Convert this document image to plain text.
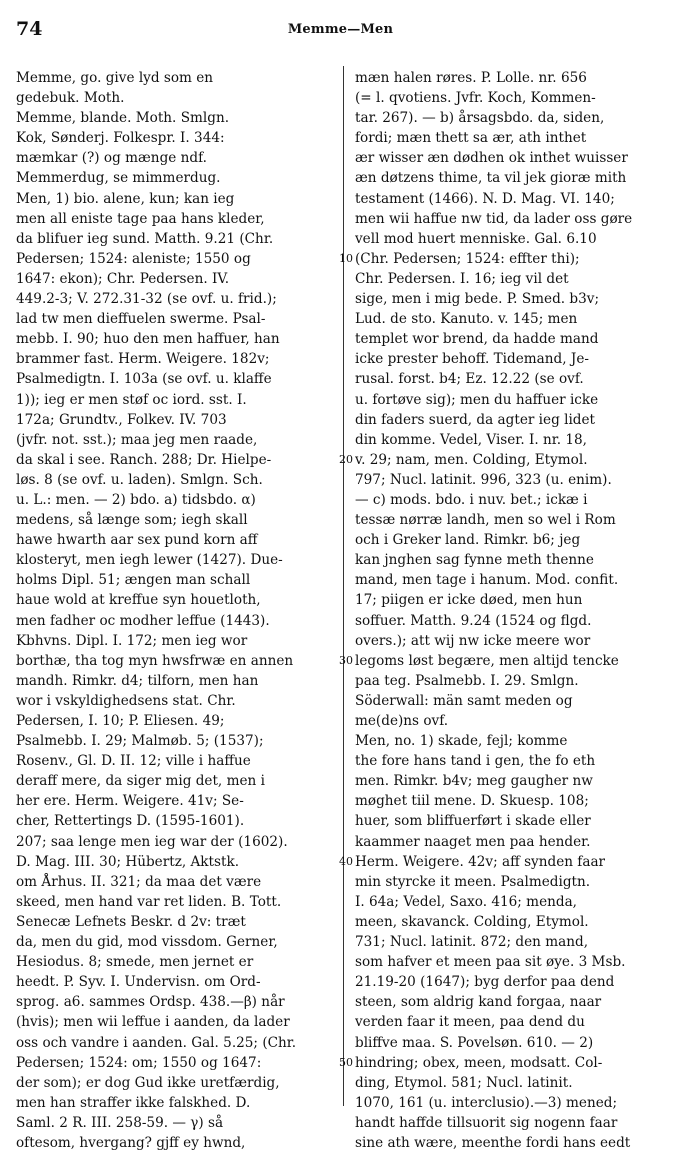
74	Memme—Men
Memme, go. give lyd som en
gedebuk. Moth.
Memme, blande. Moth. Smlgn.
Kok, Sønderj. Folkespr. I. 344:
mæmkar (?) og mænge ndf.
Memmerdug, se mimmerdug.
Men, 1) bio. alene, kun; kan ieg
men all eniste tage paa hans kleder,
da blifuer ieg sund. Matth. 9.21 (Chr.
Pedersen; 1524: aleniste; 1550 og
1647: ekon); Chr. Pedersen. IV.
449.2-3; V. 272.31-32 (se ovf. u. frid.);
lad tw men dieffuelen swerme. Psal-
mebb. I. 90; huo den men haffuer, han
brammer fast. Herm. Weigere. 182v;
Psalmedigtn. I. 103a (se ovf. u. klaffe
1)); ieg er men støf oc iord. sst. I.
172a; Grundtv., Folkev. IV. 703
(jvfr. not. sst.); maa jeg men raade,
da skal i see. Ranch. 288; Dr. Hielpe-
løs. 8 (se ovf. u. laden). Smlgn. Sch.
u. L.: men. — 2) bdo. a) tidsbdo. α)
medens, så længe som; iegh skall
hawe hwarth aar sex pund korn aff
klosteryt, men iegh lewer (1427). Due-
holms Dipl. 51; ængen man schall
haue wold at kreffue syn houetloth,
men fadher oc modher leffue (1443).
Kbhvns. Dipl. I. 172; men ieg wor
borthæ, tha tog myn hwsfrwæ en annen
mandh. Rimkr. d4; tilforn, men han
wor i vskyldighedsens stat. Chr.
Pedersen, I. 10; P. Eliesen. 49;
Psalmebb. I. 29; Malmøb. 5; (1537);
Rosenv., Gl. D. II. 12; ville i haffue
deraff mere, da siger mig det, men i
her ere. Herm. Weigere. 41v; Se-
cher, Rettertings D. (1595-1601).
207; saa lenge men ieg war der (1602).
D. Mag. III. 30; Hübertz, Aktstk.
om Århus. II. 321; da maa det være
skeed, men hand var ret liden. B. Tott.
Senecæ Lefnets Beskr. d 2v: træt
da, men du gid, mod vissdom. Gerner,
Hesiodus. 8; smede, men jernet er
heedt. P. Syv. I. Undervisn. om Ord-
sprog. a6. sammes Ordsp. 438.—β) når
(hvis); men wii leffue i aanden, da lader
oss och vandre i aanden. Gal. 5.25; (Chr.
Pedersen; 1524: om; 1550 og 1647:
der som); er dog Gud ikke uretfærdig,
men han straffer ikke falskhed. D.
Saml. 2 R. III. 258-59. — γ) så
oftesom, hvergang? gjff ey hwnd,
10
20
30
40
50
mæn halen røres. P. Lolle. nr. 656
(= l. qvotiens. Jvfr. Koch, Kommen-
tar. 267). — b) årsagsbdo. da, siden,
fordi; mæn thett sa ær, ath inthet
ær wisser æn dødhen ok inthet wuisser
æn døtzens thime, ta vil jek gioræ mith
testament (1466). N. D. Mag. VI. 140;
men wii haffue nw tid, da lader oss gøre
vell mod huert menniske. Gal. 6.10
(Chr. Pedersen; 1524: effter thi);
Chr. Pedersen. I. 16; ieg vil det
sige, men i mig bede. P. Smed. b3v;
Lud. de sto. Kanuto. v. 145; men
templet wor brend, da hadde mand
icke prester behoff. Tidemand, Je-
rusal. forst. b4; Ez. 12.22 (se ovf.
u. fortøve sig); men du haffuer icke
din faders suerd, da agter ieg lidet
din komme. Vedel, Viser. I. nr. 18,
v. 29; nam, men. Colding, Etymol.
797; Nucl. latinit. 996, 323 (u. enim).
— c) mods. bdo. i nuv. bet.; ickæ i
tessæ nørræ landh, men so wel i Rom
och i Greker land. Rimkr. b6; jeg
kan jnghen sag fynne meth thenne
mand, men tage i hanum. Mod. confit.
17; piigen er icke døed, men hun
soffuer. Matth. 9.24 (1524 og flgd.
overs.); att wij nw icke meere wor
legoms løst begære, men altijd tencke
paa teg. Psalmebb. I. 29. Smlgn.
Söderwall: män samt meden og
me(de)ns ovf.
Men, no. 1) skade, fejl; komme
the fore hans tand i gen, the fo eth
men. Rimkr. b4v; meg gaugher nw
møghet tiil mene. D. Skuesp. 108;
huer, som bliffuerført i skade eller
kaammer naaget men paa hender.
Herm. Weigere. 42v; aff synden faar
min styrcke it meen. Psalmedigtn.
I. 64a; Vedel, Saxo. 416; menda,
meen, skavanck. Colding, Etymol.
731; Nucl. latinit. 872; den mand,
som hafver et meen paa sit øye. 3 Msb.
21.19-20 (1647); byg derfor paa dend
steen, som aldrig kand forgaa, naar
verden faar it meen, paa dend du
bliffve maa. S. Povelsøn. 610. — 2)
hindring; obex, meen, modsatt. Col-
ding, Etymol. 581; Nucl. latinit.
1070, 161 (u. interclusio).—3) mened;
handt haffde tillsuorit sig nogenn faar
sine ath wære, meenthe fordi hans eedt
